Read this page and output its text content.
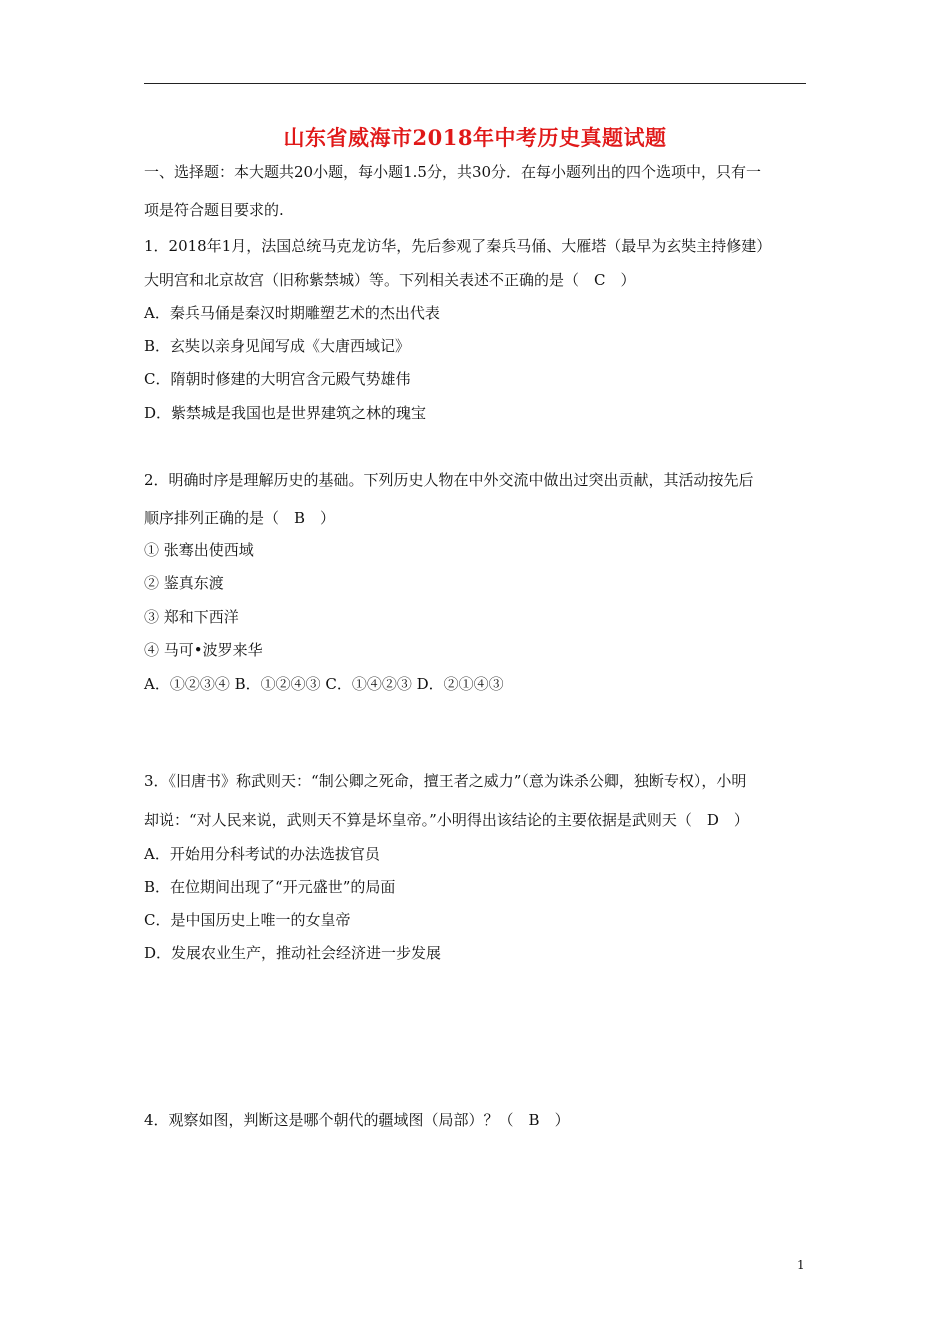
山东省威海市2018年中考历史真题试题
一、选择题：本大题共20小题，每小题1.5分，共30分．在每小题列出的四个选项中，只有一
项是符合题目要求的.
1．2018年1月，法国总统马克龙访华，先后参观了秦兵马俑、大雁塔（最早为玄奘主持修建）
大明宫和北京故宫（旧称紫禁城）等。下列相关表述不正确的是（　C　）
A．秦兵马俑是秦汉时期雕塑艺术的杰出代表
B．玄奘以亲身见闻写成《大唐西域记》
C．隋朝时修建的大明宫含元殿气势雄伟
D．紫禁城是我国也是世界建筑之林的瑰宝
2．明确时序是理解历史的基础。下列历史人物在中外交流中做出过突出贡献，其活动按先后
顺序排列正确的是（　B　）
① 张骞出使西域
② 鉴真东渡
③ 郑和下西洋
④ 马可•波罗来华
A．①②③④ B．①②④③ C．①④②③ D．②①④③
3．《旧唐书》称武则天：“制公卿之死命，擅王者之威力”（意为诛杀公卿，独断专权），小明
却说：“对人民来说，武则天不算是坏皇帝。”小明得出该结论的主要依据是武则天（　D　）
A．开始用分科考试的办法选拔官员
B．在位期间出现了“开元盛世”的局面
C．是中国历史上唯一的女皇帝
D．发展农业生产，推动社会经济进一步发展
4．观察如图，判断这是哪个朝代的疆域图（局部）？（　B　）
1
